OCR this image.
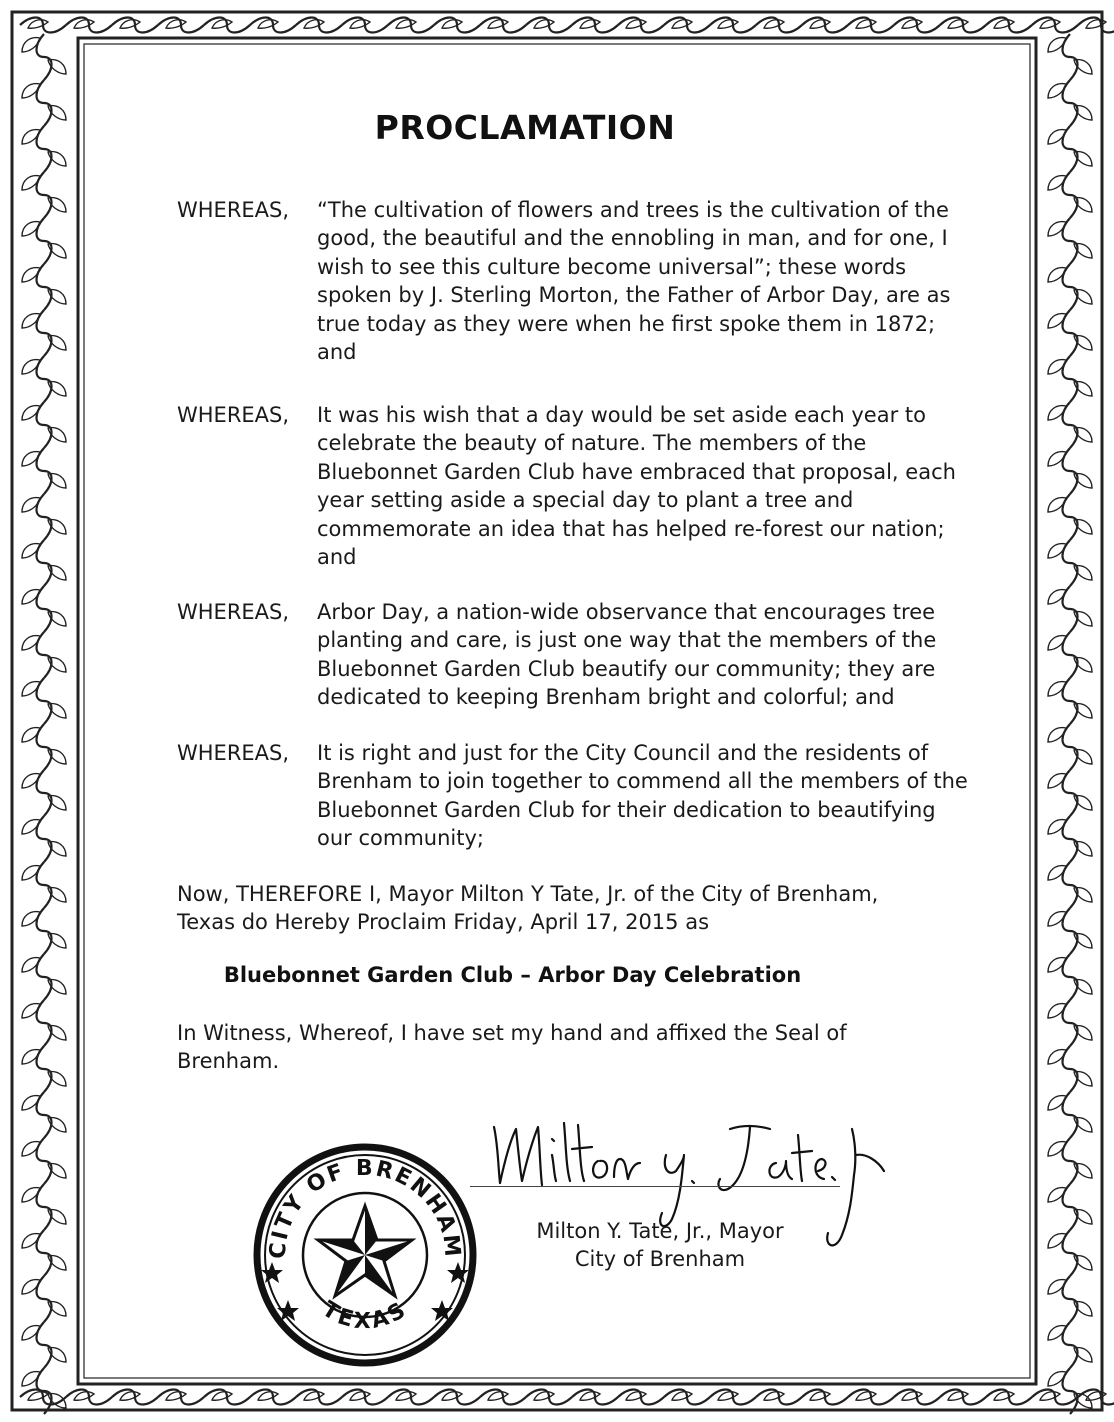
PROCLAMATION
WHEREAS,	“The cultivation of flowers and trees is the cultivation of the good, the beautiful and the ennobling in man, and for one, I wish to see this culture become universal”; these words spoken by J. Sterling Morton, the Father of Arbor Day, are as true today as they were when he first spoke them in 1872; and
WHEREAS,	It was his wish that a day would be set aside each year to celebrate the beauty of nature. The members of the Bluebonnet Garden Club have embraced that proposal, each year setting aside a special day to plant a tree and commemorate an idea that has helped re-forest our nation; and
WHEREAS,	Arbor Day, a nation-wide observance that encourages tree planting and care, is just one way that the members of the Bluebonnet Garden Club beautify our community; they are dedicated to keeping Brenham bright and colorful; and
WHEREAS,	It is right and just for the City Council and the residents of Brenham to join together to commend all the members of the Bluebonnet Garden Club for their dedication to beautifying our community;
Now, THEREFORE I, Mayor Milton Y Tate, Jr. of the City of Brenham, Texas do Hereby Proclaim Friday, April 17, 2015 as
Bluebonnet Garden Club – Arbor Day Celebration
In Witness, Whereof, I have set my hand and affixed the Seal of Brenham.
Milton Y. Tate, Jr., Mayor
City of Brenham
CITY OF BRENHAM
TEXAS
